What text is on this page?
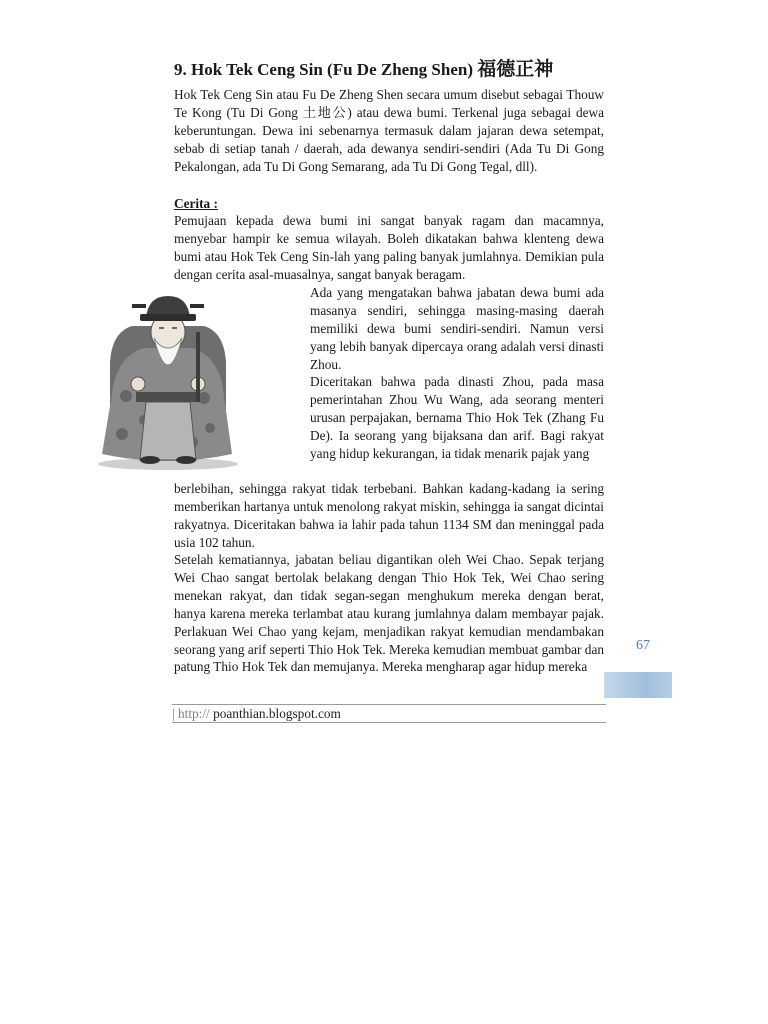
9. Hok Tek Ceng Sin (Fu De Zheng Shen) 福德正神
Hok Tek Ceng Sin atau Fu De Zheng Shen secara umum disebut sebagai Thouw Te Kong (Tu Di Gong 土地公) atau dewa bumi. Terkenal juga sebagai dewa keberuntungan. Dewa ini sebenarnya termasuk dalam jajaran dewa setempat, sebab di setiap tanah / daerah, ada dewanya sendiri-sendiri (Ada Tu Di Gong Pekalongan, ada Tu Di Gong Semarang, ada Tu Di Gong Tegal, dll).
Cerita :
Pemujaan kepada dewa bumi ini sangat banyak ragam dan macamnya, menyebar hampir ke semua wilayah. Boleh dikatakan bahwa klenteng dewa bumi atau Hok Tek Ceng Sin-lah yang paling banyak jumlahnya. Demikian pula dengan cerita asal-muasalnya, sangat banyak beragam.
Ada yang mengatakan bahwa jabatan dewa bumi ada masanya sendiri, sehingga masing-masing daerah memiliki dewa bumi sendiri-sendiri. Namun versi yang lebih banyak dipercaya orang adalah versi dinasti Zhou.
Diceritakan bahwa pada dinasti Zhou, pada masa pemerintahan Zhou Wu Wang, ada seorang menteri urusan perpajakan, bernama Thio Hok Tek (Zhang Fu De). Ia seorang yang bijaksana dan arif. Bagi rakyat yang hidup kekurangan, ia tidak menarik pajak yang
berlebihan, sehingga rakyat tidak terbebani. Bahkan kadang-kadang ia sering memberikan hartanya untuk menolong rakyat miskin, sehingga ia sangat dicintai rakyatnya. Diceritakan bahwa ia lahir pada tahun 1134 SM dan meninggal pada usia 102 tahun.
Setelah kematiannya, jabatan beliau digantikan oleh Wei Chao. Sepak terjang Wei Chao sangat bertolak belakang dengan Thio Hok Tek, Wei Chao sering menekan rakyat, dan tidak segan-segan menghukum mereka dengan berat, hanya karena mereka terlambat atau kurang jumlahnya dalam membayar pajak. Perlakuan Wei Chao yang kejam, menjadikan rakyat kemudian mendambakan seorang yang arif seperti Thio Hok Tek. Mereka kemudian membuat gambar dan patung Thio Hok Tek dan memujanya. Mereka mengharap agar hidup mereka
67
| http:// poanthian.blogspot.com
